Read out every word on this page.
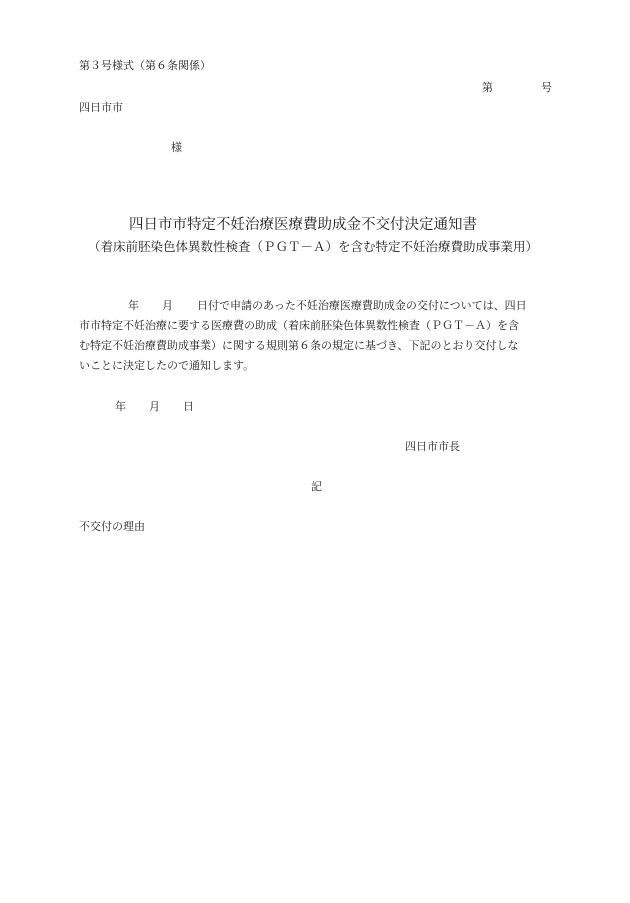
第３号様式（第６条関係）
第	号
四日市市
様
四日市市特定不妊治療医療費助成金不交付決定通知書
（着床前胚染色体異数性検査（ＰＧＴ－Ａ）を含む特定不妊治療費助成事業用）
年 月 日付で申請のあった不妊治療医療費助成金の交付については、四日
市市特定不妊治療に要する医療費の助成（着床前胚染色体異数性検査（ＰＧＴ－Ａ）を含
む特定不妊治療費助成事業）に関する規則第６条の規定に基づき、下記のとおり交付しな
いことに決定したので通知します。
年 月 日
四日市市長
記
不交付の理由
